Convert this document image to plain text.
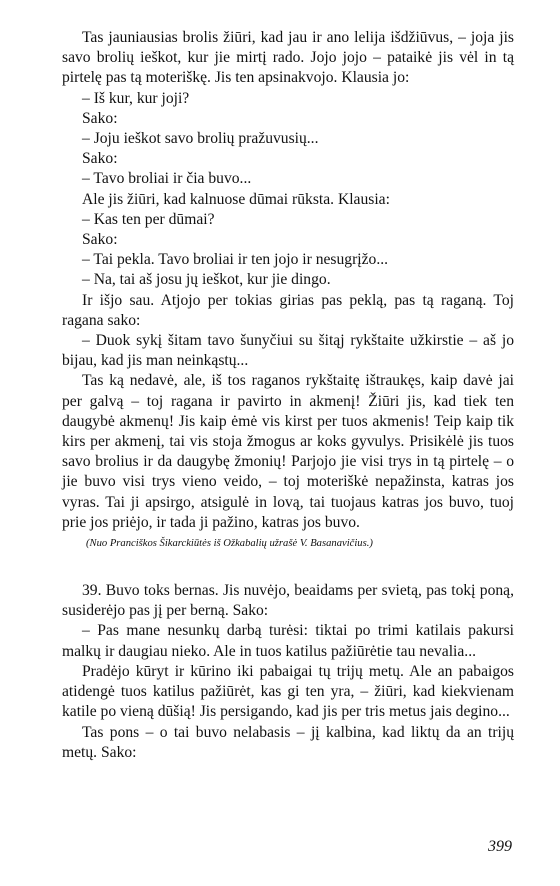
Tas jauniausias brolis žiūri, kad jau ir ano lelija išdžiūvus, – joja jis savo brolių ieškot, kur jie mirtį rado. Jojo jojo – pataikė jis vėl in tą pirtelę pas tą moteriškę. Jis ten apsinakvojo. Klausia jo:

– Iš kur, kur joji?

Sako:

– Joju ieškot savo brolių pražuvusių...

Sako:

– Tavo broliai ir čia buvo...

Ale jis žiūri, kad kalnuose dūmai rūksta. Klausia:

– Kas ten per dūmai?

Sako:

– Tai pekla. Tavo broliai ir ten jojo ir nesugrįžo...

– Na, tai aš josu jų ieškot, kur jie dingo.

Ir išjo sau. Atjojo per tokias girias pas peklą, pas tą raganą. Toj ragana sako:

– Duok sykį šitam tavo šunyčiui su šitąj rykštaite užkirstie – aš jo bijau, kad jis man neinkąstų...

Tas ką nedavė, ale, iš tos raganos rykštaitę ištraukęs, kaip davė jai per galvą – toj ragana ir pavirto in akmenį! Žiūri jis, kad tiek ten daugybė akmenų! Jis kaip ėmė vis kirst per tuos akmenis! Teip kaip tik kirs per akmenį, tai vis stoja žmogus ar koks gyvulys. Prisikėlė jis tuos savo brolius ir da daugybę žmonių! Parjojo jie visi trys in tą pirtelę – o jie buvo visi trys vieno veido, – toj moteriškė nepažinsta, katras jos vyras. Tai ji apsirgo, atsigulė in lovą, tai tuojaus katras jos buvo, tuoj prie jos priėjo, ir tada ji pažino, katras jos buvo.

(Nuo Pranciškos Šikarckiūtės iš Ožkabalių užrašė V. Basanavičius.)

39. Buvo toks bernas. Jis nuvėjo, beaidams per svietą, pas tokį poną, susiderėjo pas jį per berną. Sako:

– Pas mane nesunkų darbą turėsi: tiktai po trimi katilais pakursi malkų ir daugiau nieko. Ale in tuos katilus pažiūrėtie tau nevalia...

Pradėjo kūryt ir kūrino iki pabaigai tų trijų metų. Ale an pabaigos atidengė tuos katilus pažiūrėt, kas gi ten yra, – žiūri, kad kiekvienam katile po vieną dūšią! Jis persigando, kad jis per tris metus jais degino...

Tas pons – o tai buvo nelabasis – jį kalbina, kad liktų da an trijų metų. Sako:

399
